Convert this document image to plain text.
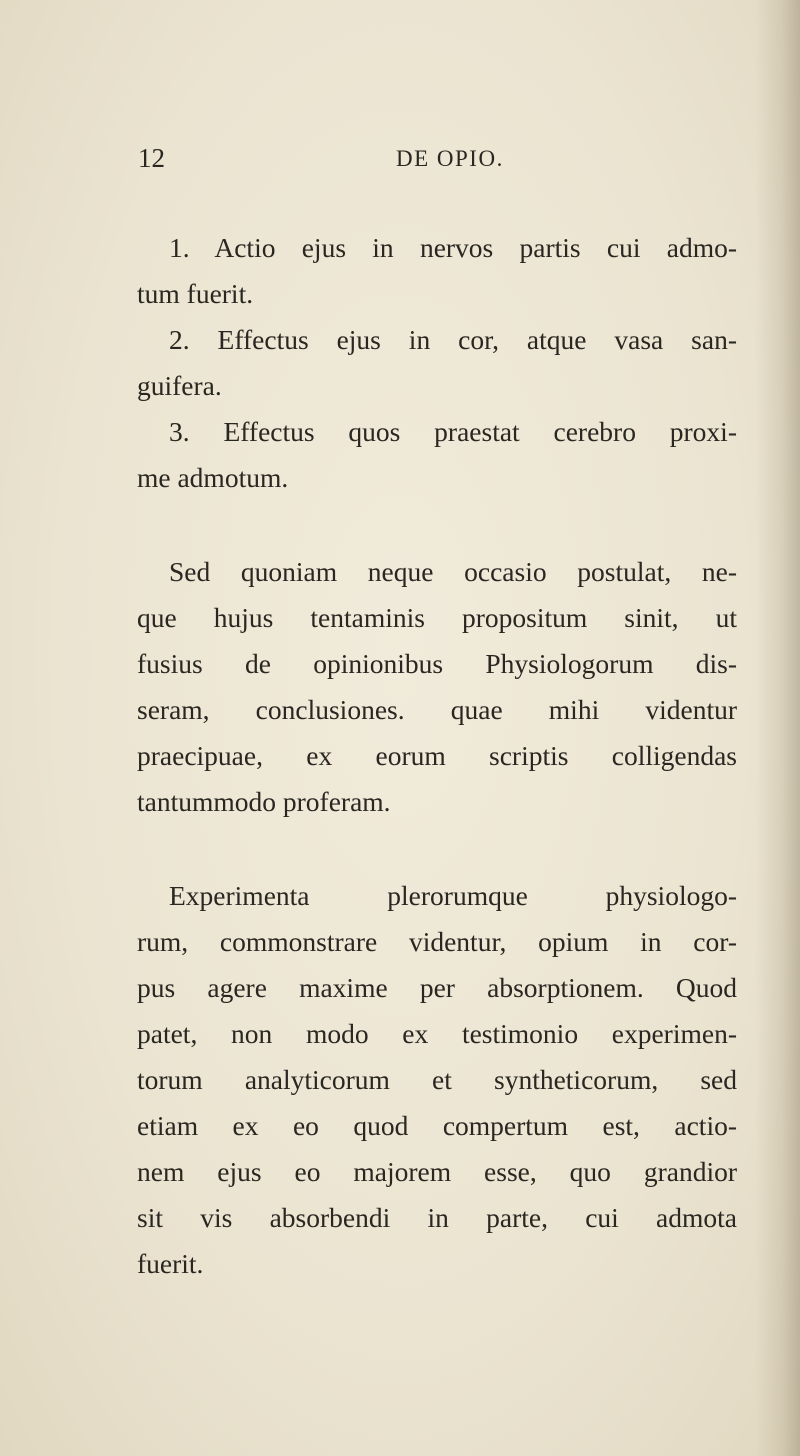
12	DE OPIO.
1. Actio ejus in nervos partis cui admo-
tum fuerit.
2. Effectus ejus in cor, atque vasa san-
guifera.
3. Effectus quos praestat cerebro proxi-
me admotum.
Sed quoniam neque occasio postulat, ne-
que hujus tentaminis propositum sinit, ut
fusius de opinionibus Physiologorum dis-
seram, conclusiones. quae mihi videntur
praecipuae, ex eorum scriptis colligendas
tantummodo proferam.
Experimenta plerorumque physiologo-
rum, commonstrare videntur, opium in cor-
pus agere maxime per absorptionem. Quod
patet, non modo ex testimonio experimen-
torum analyticorum et syntheticorum, sed
etiam ex eo quod compertum est, actio-
nem ejus eo majorem esse, quo grandior
sit vis absorbendi in parte, cui admota
fuerit.
